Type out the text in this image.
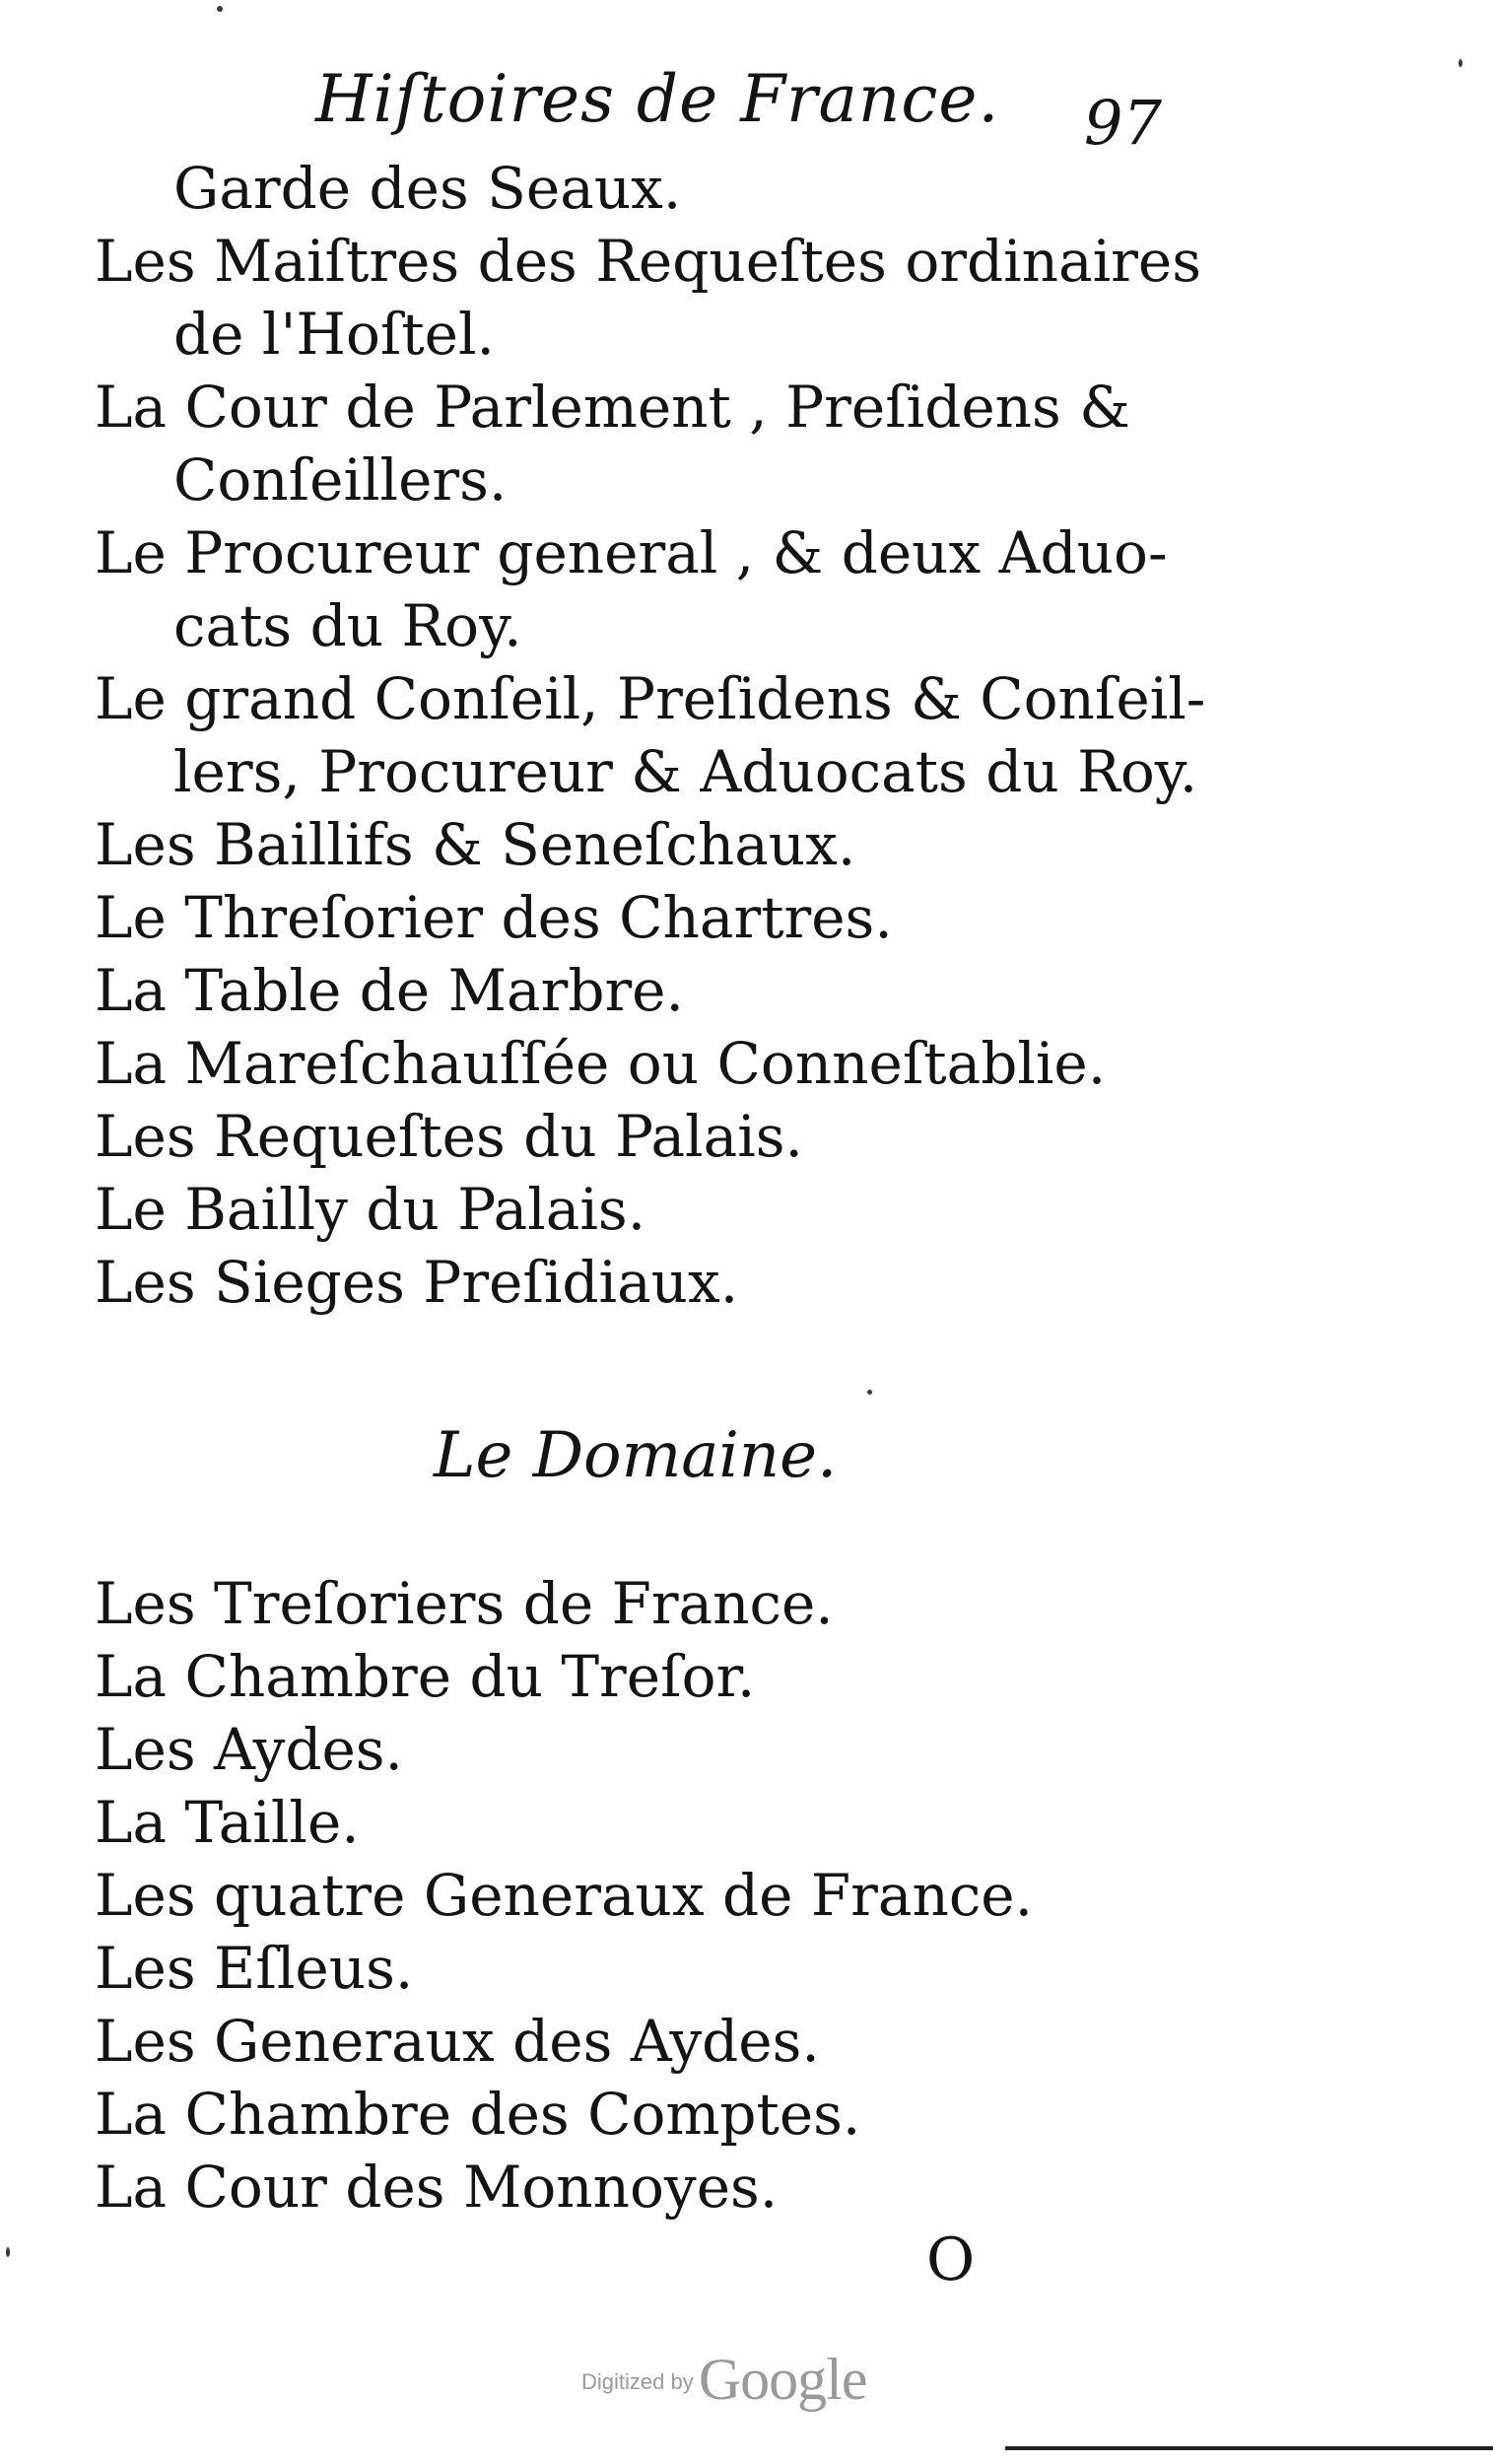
Hiſtoires de France. 97
Garde des Seaux.
Les Maiſtres des Requeſtes ordinaires
de l'Hoſtel.
La Cour de Parlement , Preſidens &
Conſeillers.
Le Procureur general , & deux Aduo-
cats du Roy.
Le grand Conſeil, Preſidens & Conſeil-
lers, Procureur & Aduocats du Roy.
Les Baillifs & Seneſchaux.
Le Threſorier des Chartres.
La Table de Marbre.
La Mareſchauſſée ou Conneſtablie.
Les Requeſtes du Palais.
Le Bailly du Palais.
Les Sieges Preſidiaux.
Le Domaine.
Les Treſoriers de France.
La Chambre du Treſor.
Les Aydes.
La Taille.
Les quatre Generaux de France.
Les Eſleus.
Les Generaux des Aydes.
La Chambre des Comptes.
La Cour des Monnoyes.
O
Digitized by Google
